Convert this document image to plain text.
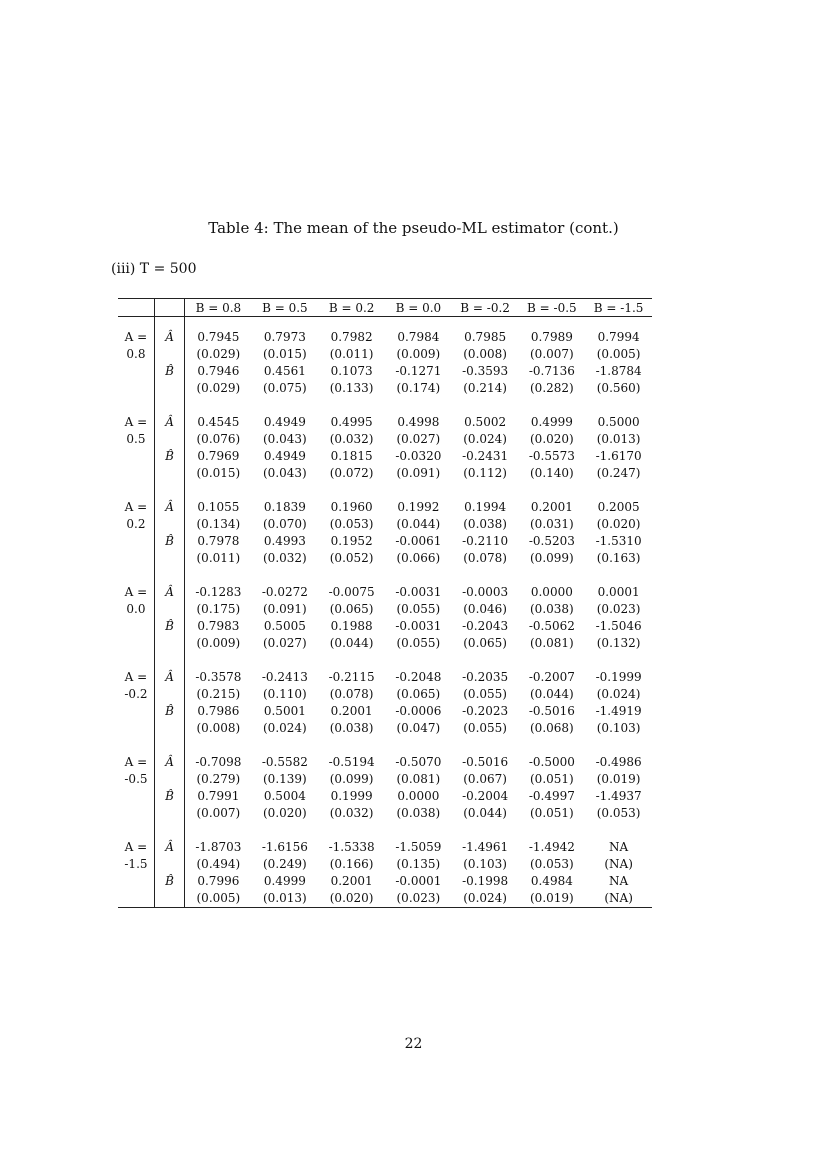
Table 4: The mean of the pseudo-ML estimator (cont.)
(iii) T = 500
		B = 0.8	B = 0.5	B = 0.2	B = 0.0	B = -0.2	B = -0.5	B = -1.5

A =	Â	0.7945	0.7973	0.7982	0.7984	0.7985	0.7989	0.7994
0.8		(0.029)	(0.015)	(0.011)	(0.009)	(0.008)	(0.007)	(0.005)
	B̂	0.7946	0.4561	0.1073	-0.1271	-0.3593	-0.7136	-1.8784
		(0.029)	(0.075)	(0.133)	(0.174)	(0.214)	(0.282)	(0.560)

A =	Â	0.4545	0.4949	0.4995	0.4998	0.5002	0.4999	0.5000
0.5		(0.076)	(0.043)	(0.032)	(0.027)	(0.024)	(0.020)	(0.013)
	B̂	0.7969	0.4949	0.1815	-0.0320	-0.2431	-0.5573	-1.6170
		(0.015)	(0.043)	(0.072)	(0.091)	(0.112)	(0.140)	(0.247)

A =	Â	0.1055	0.1839	0.1960	0.1992	0.1994	0.2001	0.2005
0.2		(0.134)	(0.070)	(0.053)	(0.044)	(0.038)	(0.031)	(0.020)
	B̂	0.7978	0.4993	0.1952	-0.0061	-0.2110	-0.5203	-1.5310
		(0.011)	(0.032)	(0.052)	(0.066)	(0.078)	(0.099)	(0.163)

A =	Â	-0.1283	-0.0272	-0.0075	-0.0031	-0.0003	0.0000	0.0001
0.0		(0.175)	(0.091)	(0.065)	(0.055)	(0.046)	(0.038)	(0.023)
	B̂	0.7983	0.5005	0.1988	-0.0031	-0.2043	-0.5062	-1.5046
		(0.009)	(0.027)	(0.044)	(0.055)	(0.065)	(0.081)	(0.132)

A =	Â	-0.3578	-0.2413	-0.2115	-0.2048	-0.2035	-0.2007	-0.1999
-0.2		(0.215)	(0.110)	(0.078)	(0.065)	(0.055)	(0.044)	(0.024)
	B̂	0.7986	0.5001	0.2001	-0.0006	-0.2023	-0.5016	-1.4919
		(0.008)	(0.024)	(0.038)	(0.047)	(0.055)	(0.068)	(0.103)

A =	Â	-0.7098	-0.5582	-0.5194	-0.5070	-0.5016	-0.5000	-0.4986
-0.5		(0.279)	(0.139)	(0.099)	(0.081)	(0.067)	(0.051)	(0.019)
	B̂	0.7991	0.5004	0.1999	0.0000	-0.2004	-0.4997	-1.4937
		(0.007)	(0.020)	(0.032)	(0.038)	(0.044)	(0.051)	(0.053)

A =	Â	-1.8703	-1.6156	-1.5338	-1.5059	-1.4961	-1.4942	NA
-1.5		(0.494)	(0.249)	(0.166)	(0.135)	(0.103)	(0.053)	(NA)
	B̂	0.7996	0.4999	0.2001	-0.0001	-0.1998	0.4984	NA
		(0.005)	(0.013)	(0.020)	(0.023)	(0.024)	(0.019)	(NA)
22
